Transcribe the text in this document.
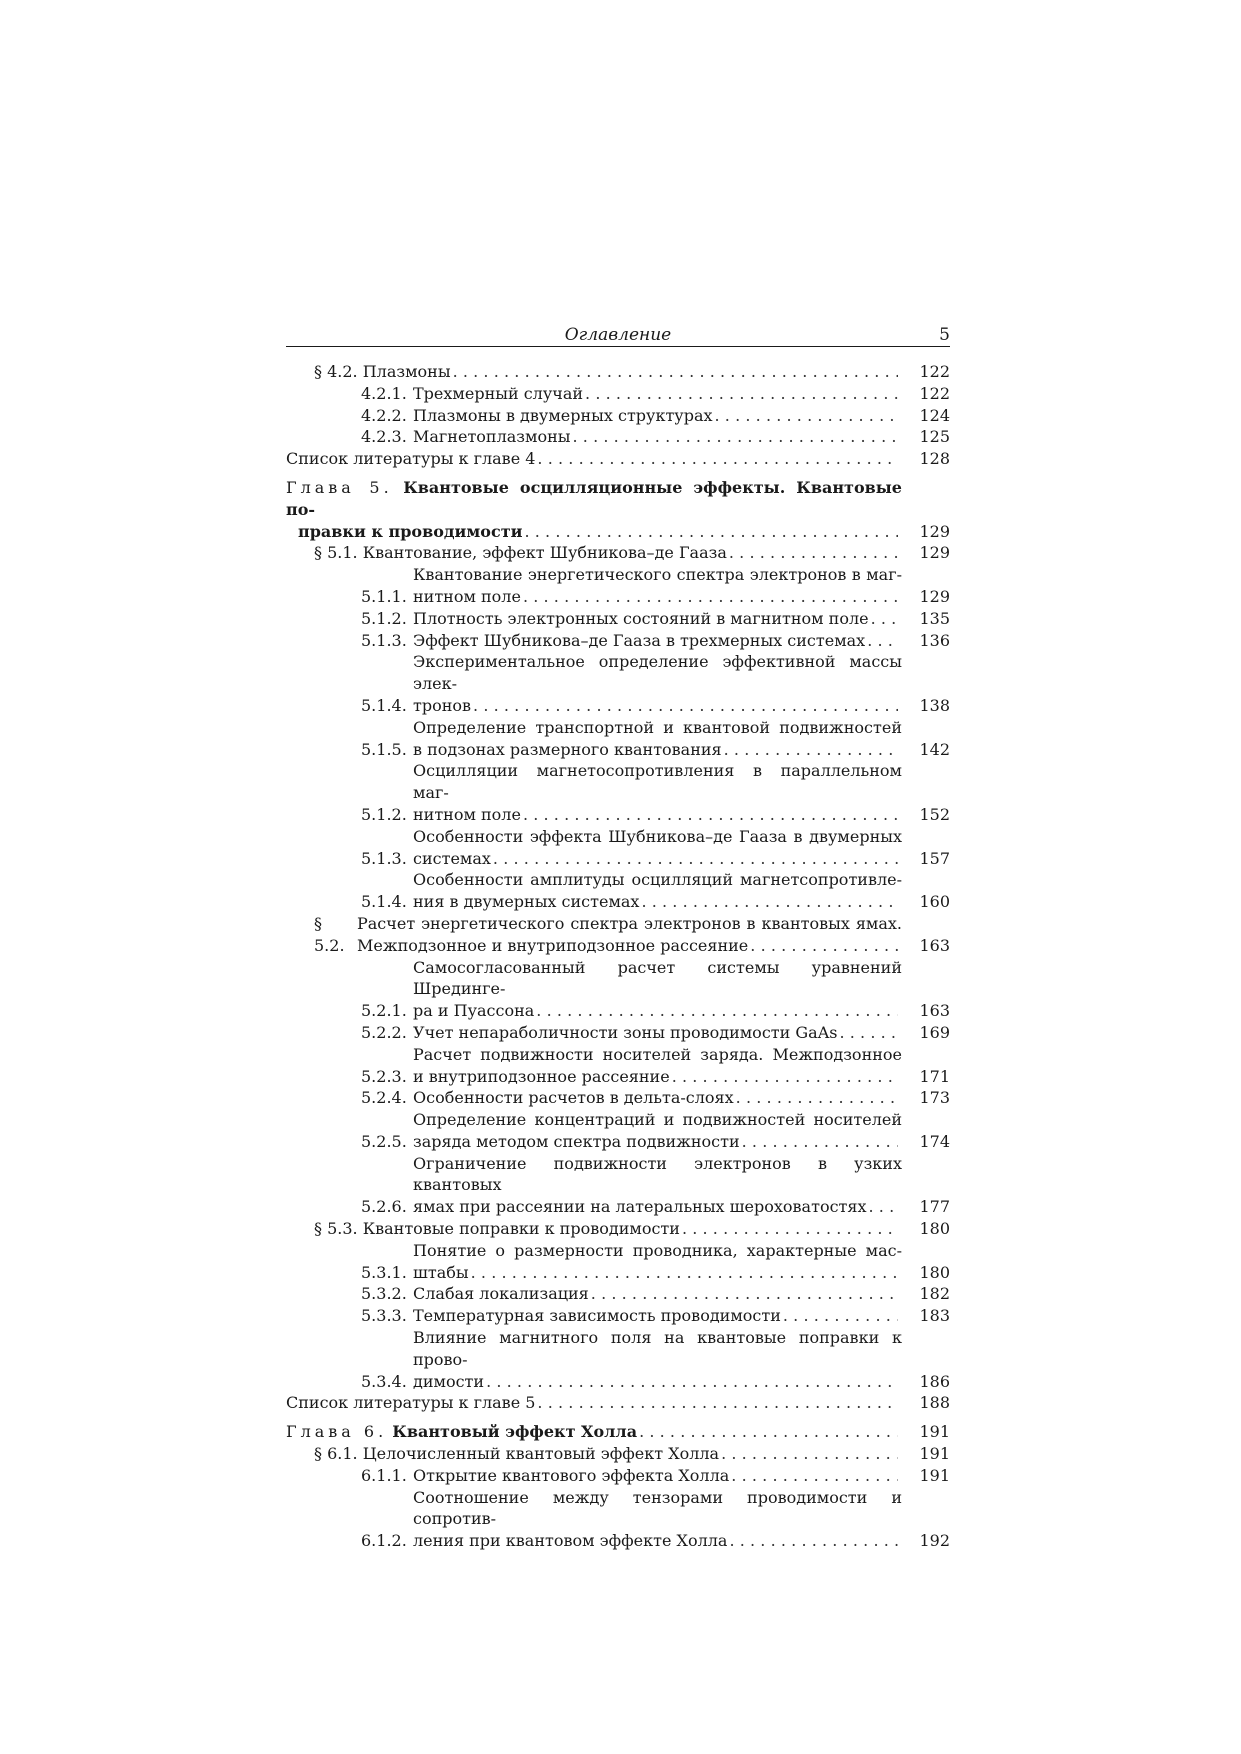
Оглавление	5
§ 4.2. Плазмоны .....	122
4.2.1. Трехмерный случай .....	122
4.2.2. Плазмоны в двумерных структурах .....	124
4.2.3. Магнетоплазмоны .....	125
Список литературы к главе 4 .....	128
Глава 5. Квантовые осцилляционные эффекты. Квантовые по-
правки к проводимости .....	129
§ 5.1. Квантование, эффект Шубникова–де Гааза .....	129
5.1.1.
Квантование энергетического спектра электронов в маг-
нитном поле .....	129
5.1.2. Плотность электронных состояний в магнитном поле .....	135
5.1.3. Эффект Шубникова–де Гааза в трехмерных системах .....	136
5.1.4.
Экспериментальное определение эффективной массы элек-
тронов .....	138
5.1.5.
Определение транспортной и квантовой подвижностей
в подзонах размерного квантования .....	142
5.1.2.
Осцилляции магнетосопротивления в параллельном маг-
нитном поле .....	152
5.1.3.
Особенности эффекта Шубникова–де Гааза в двумерных
системах .....	157
5.1.4.
Особенности амплитуды осцилляций магнетсопротивле-
ния в двумерных системах .....	160
§ 5.2.
Расчет энергетического спектра электронов в квантовых ямах.
Межподзонное и внутриподзонное рассеяние .....	163
5.2.1.
Самосогласованный расчет системы уравнений Шрединге-
ра и Пуассона .....	163
5.2.2. Учет непараболичности зоны проводимости GaAs .....	169
5.2.3.
Расчет подвижности носителей заряда. Межподзонное
и внутриподзонное рассеяние .....	171
5.2.4. Особенности расчетов в дельта-слоях .....	173
5.2.5.
Определение концентраций и подвижностей носителей
заряда методом спектра подвижности .....	174
5.2.6.
Ограничение подвижности электронов в узких квантовых
ямах при рассеянии на латеральных шероховатостях .....	177
§ 5.3. Квантовые поправки к проводимости .....	180
5.3.1.
Понятие о размерности проводника, характерные мас-
штабы .....	180
5.3.2. Слабая локализация .....	182
5.3.3. Температурная зависимость проводимости .....	183
5.3.4.
Влияние магнитного поля на квантовые поправки к прово-
димости .....	186
Список литературы к главе 5 .....	188
Глава 6. Квантовый эффект Холла .....	191
§ 6.1. Целочисленный квантовый эффект Холла .....	191
6.1.1. Открытие квантового эффекта Холла .....	191
6.1.2.
Соотношение между тензорами проводимости и сопротив-
ления при квантовом эффекте Холла .....	192
